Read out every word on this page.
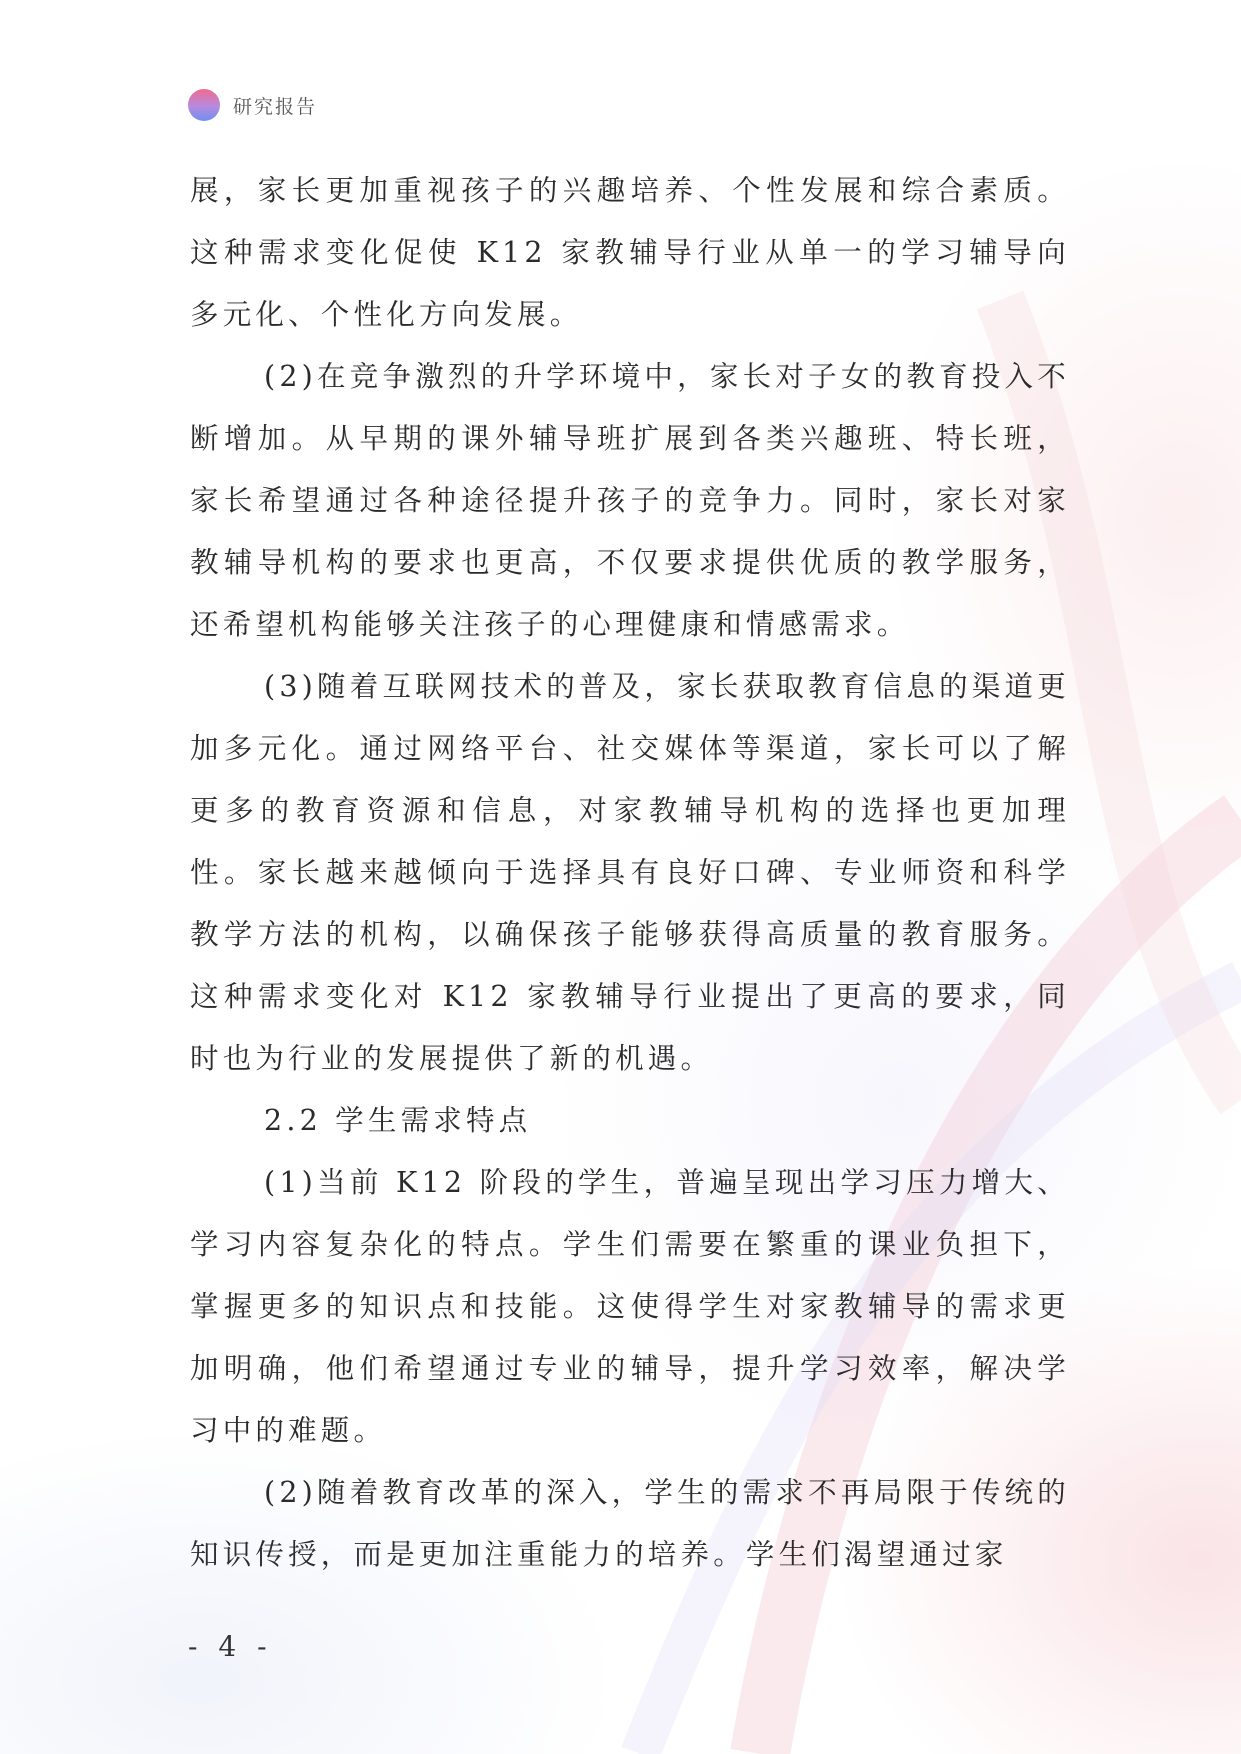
研究报告

展，家长更加重视孩子的兴趣培养、个性发展和综合素质。这种需求变化促使 K12 家教辅导行业从单一的学习辅导向多元化、个性化方向发展。

(2)在竞争激烈的升学环境中，家长对子女的教育投入不断增加。从早期的课外辅导班扩展到各类兴趣班、特长班，家长希望通过各种途径提升孩子的竞争力。同时，家长对家教辅导机构的要求也更高，不仅要求提供优质的教学服务，还希望机构能够关注孩子的心理健康和情感需求。

(3)随着互联网技术的普及，家长获取教育信息的渠道更加多元化。通过网络平台、社交媒体等渠道，家长可以了解更多的教育资源和信息，对家教辅导机构的选择也更加理性。家长越来越倾向于选择具有良好口碑、专业师资和科学教学方法的机构，以确保孩子能够获得高质量的教育服务。这种需求变化对 K12 家教辅导行业提出了更高的要求，同时也为行业的发展提供了新的机遇。

2.2 学生需求特点

(1)当前 K12 阶段的学生，普遍呈现出学习压力增大、学习内容复杂化的特点。学生们需要在繁重的课业负担下，掌握更多的知识点和技能。这使得学生对家教辅导的需求更加明确，他们希望通过专业的辅导，提升学习效率，解决学习中的难题。

(2)随着教育改革的深入，学生的需求不再局限于传统的知识传授，而是更加注重能力的培养。学生们渴望通过家

- 4 -
